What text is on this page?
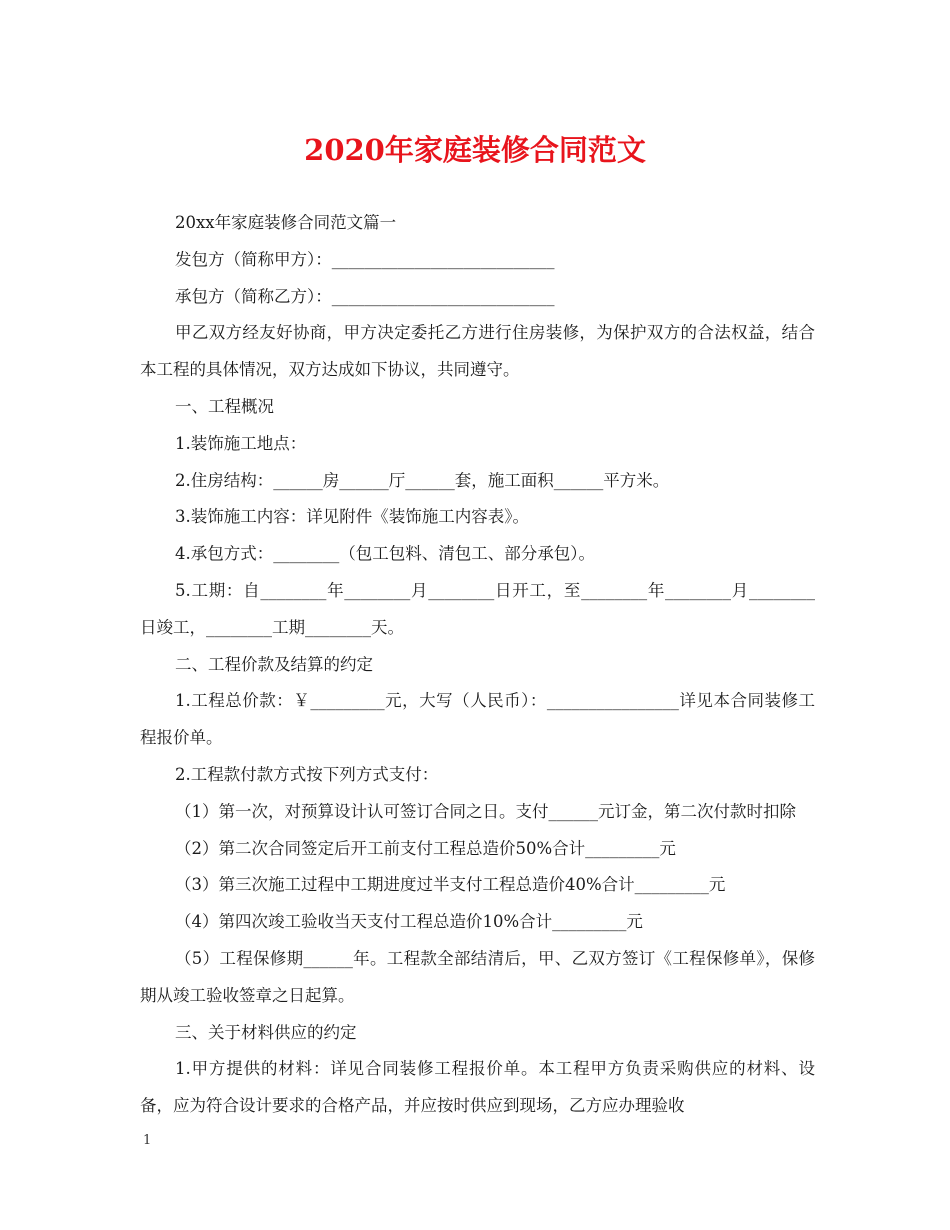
2020年家庭装修合同范文

20xx年家庭装修合同范文篇一

发包方（简称甲方）：___________________________

承包方（简称乙方）：___________________________

甲乙双方经友好协商，甲方决定委托乙方进行住房装修，为保护双方的合法权益，结合本工程的具体情况，双方达成如下协议，共同遵守。

一、工程概况

1.装饰施工地点：

2.住房结构：______房______厅______套，施工面积______平方米。

3.装饰施工内容：详见附件《装饰施工内容表》。

4.承包方式：________（包工包料、清包工、部分承包）。

5.工期：自________年________月________日开工，至________年________月________日竣工，________工期________天。

二、工程价款及结算的约定

1.工程总价款：￥_________元，大写（人民币）：________________详见本合同装修工程报价单。

2.工程款付款方式按下列方式支付：

（1）第一次，对预算设计认可签订合同之日。支付______元订金，第二次付款时扣除

（2）第二次合同签定后开工前支付工程总造价50%合计_________元

（3）第三次施工过程中工期进度过半支付工程总造价40%合计_________元

（4）第四次竣工验收当天支付工程总造价10%合计_________元

（5）工程保修期______年。工程款全部结清后，甲、乙双方签订《工程保修单》，保修期从竣工验收签章之日起算。

三、关于材料供应的约定

1.甲方提供的材料：详见合同装修工程报价单。本工程甲方负责采购供应的材料、设备，应为符合设计要求的合格产品，并应按时供应到现场，乙方应办理验收

1
